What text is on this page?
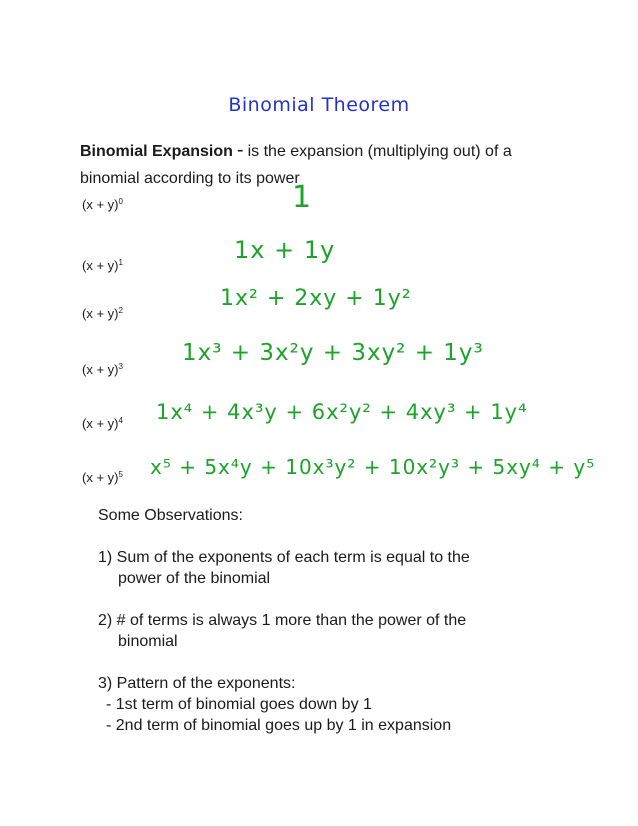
Binomial Theorem
Binomial Expansion - is the expansion (multiplying out) of a
binomial according to its power
$(x + y)^0$
$(x + y)^1$
$(x + y)^2$
$(x + y)^3$
$(x + y)^4$
$(x + y)^5$
1
1x + 1y
1x² + 2xy + 1y²
1x³ + 3x²y + 3xy² + 1y³
1x⁴ + 4x³y + 6x²y² + 4xy³ + 1y⁴
x⁵ + 5x⁴y + 10x³y² + 10x²y³ + 5xy⁴ + y⁵
Some Observations:
1) Sum of the exponents of each term is equal to the
power of the binomial
2) # of terms is always 1 more than the power of the
binomial
3) Pattern of the exponents:
- 1st term of binomial goes down by 1
- 2nd term of binomial goes up by 1 in expansion
